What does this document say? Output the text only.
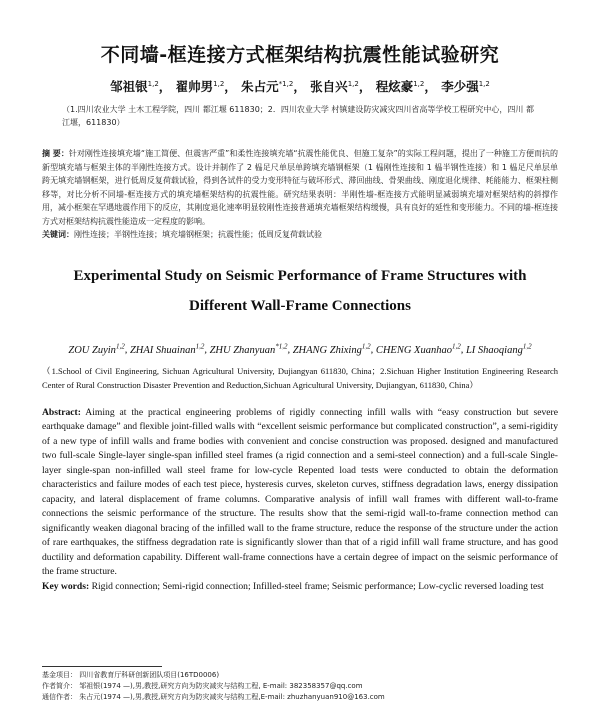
不同墙-框连接方式框架结构抗震性能试验研究
邹祖银$^{1,2}$， 翟帅男$^{1,2}$， 朱占元$^{*1,2}$， 张自兴$^{1,2}$， 程炫豪$^{1,2}$， 李少强$^{1,2}$
（1.四川农业大学 土木工程学院，四川 都江堰 611830；2．四川农业大学 村镇建设防灾减灾四川省高等学校工程研究中心，四川 都江堰，611830）
摘 要：针对刚性连接填充墙“施工简便、但震害严重”和柔性连接填充墙“抗震性能优良、但施工复杂”的实际工程问题，提出了一种施工方便而抗的新型填充墙与框架主体的半刚性连接方式。设计并制作了 2 榀足尺单层单跨填充墙钢框架（1 榀刚性连接和 1 榀半钢性连接）和 1 榀足尺单层单跨无填充墙钢框架，进行低周反复荷载试验，得到各试件的受力变形特征与破坏形式、滞回曲线、骨架曲线、刚度退化规律、耗能能力、框架柱侧移等，对比分析不同墙-框连接方式的填充墙框架结构的抗震性能。研究结果表明：半刚性墙-框连接方式能明显减弱填充墙对框架结构的斜撑作用，减小框架在罕遇地震作用下的反应，其刚度退化速率明显较刚性连接普通填充墙框架结构缓慢，具有良好的延性和变形能力。不同的墙-框连接方式对框架结构抗震性能造成一定程度的影响。
关键词：刚性连接；半钢性连接；填充墙钢框架；抗震性能；低周反复荷载试验
Experimental Study on Seismic Performance of Frame Structures with
Different Wall-Frame Connections
ZOU Zuyin$^{1,2}$, ZHAI Shuainan$^{1,2}$, ZHU Zhanyuan$^{*1,2}$, ZHANG Zhixing$^{1,2}$, CHENG Xuanhao$^{1,2}$, LI Shaoqiang$^{1,2}$
（1.School of Civil Engineering, Sichuan Agricultural University, Dujiangyan 611830, China；2.Sichuan Higher Institution Engineering Research Center of Rural Construction Disaster Prevention and Reduction,Sichuan Agricultural University, Dujiangyan, 611830, China）
Abstract: Aiming at the practical engineering problems of rigidly connecting infill walls with “easy construction but severe earthquake damage” and flexible joint-filled walls with “excellent seismic performance but complicated construction”, a semi-rigidity of a new type of infill walls and frame bodies with convenient and concise construction was proposed. designed and manufactured two full-scale Single-layer single-span infilled steel frames (a rigid connection and a semi-steel connection) and a full-scale Single-layer single-span non-infilled wall steel frame for low-cycle Repented load tests were conducted to obtain the deformation characteristics and failure modes of each test piece, hysteresis curves, skeleton curves, stiffness degradation laws, energy dissipation capacity, and lateral displacement of frame columns. Comparative analysis of infill wall frames with different wall-to-frame connections the seismic performance of the structure. The results show that the semi-rigid wall-to-frame connection method can significantly weaken diagonal bracing of the infilled wall to the frame structure, reduce the response of the structure under the action of rare earthquakes, the stiffness degradation rate is significantly slower than that of a rigid infill wall frame structure, and has good ductility and deformation capability. Different wall-frame connections have a certain degree of impact on the seismic performance of the frame structure.
Key words: Rigid connection; Semi-rigid connection; Infilled-steel frame; Seismic performance; Low-cyclic reversed loading test
基金项目： 四川省教育厅科研创新团队项目(16TD0006)
作者简介： 邹祖银(1974 —),男,教授,研究方向为防灾减灾与结构工程, E-mail: 382358357@qq.com
通信作者： 朱占元(1974 —),男,教授,研究方向为防灾减灾与结构工程,E-mail: zhuzhanyuan910@163.com
